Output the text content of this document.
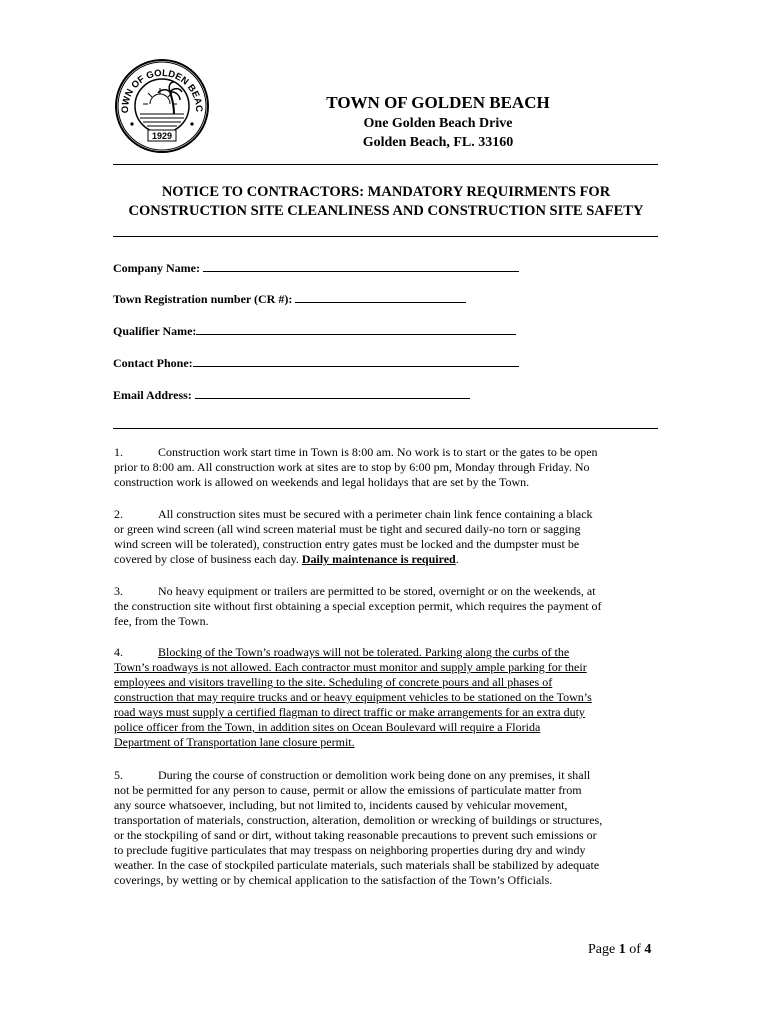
OWN OF GOLDEN BEAC
1929
TOWN OF GOLDEN BEACH
One Golden Beach Drive
Golden Beach, FL. 33160
NOTICE TO CONTRACTORS: MANDATORY REQUIRMENTS FOR
CONSTRUCTION SITE CLEANLINESS AND CONSTRUCTION SITE SAFETY
Company Name:
Town Registration number (CR #):
Qualifier Name:
Contact Phone:
Email Address:
1.	Construction work start time in Town is 8:00 am. No work is to start or the gates to be open
prior to 8:00 am. All construction work at sites are to stop by 6:00 pm, Monday through Friday. No
construction work is allowed on weekends and legal holidays that are set by the Town.
2.	All construction sites must be secured with a perimeter chain link fence containing a black
or green wind screen (all wind screen material must be tight and secured daily-no torn or sagging
wind screen will be tolerated), construction entry gates must be locked and the dumpster must be
covered by close of business each day. Daily maintenance is required.
3.	No heavy equipment or trailers are permitted to be stored, overnight or on the weekends, at
the construction site without first obtaining a special exception permit, which requires the payment of
fee, from the Town.
4.	Blocking of the Town’s roadways will not be tolerated. Parking along the curbs of the
Town’s roadways is not allowed. Each contractor must monitor and supply ample parking for their
employees and visitors travelling to the site. Scheduling of concrete pours and all phases of
construction that may require trucks and or heavy equipment vehicles to be stationed on the Town’s
road ways must supply a certified flagman to direct traffic or make arrangements for an extra duty
police officer from the Town, in addition sites on Ocean Boulevard will require a Florida
Department of Transportation lane closure permit.
5.	During the course of construction or demolition work being done on any premises, it shall
not be permitted for any person to cause, permit or allow the emissions of particulate matter from
any source whatsoever, including, but not limited to, incidents caused by vehicular movement,
transportation of materials, construction, alteration, demolition or wrecking of buildings or structures,
or the stockpiling of sand or dirt, without taking reasonable precautions to prevent such emissions or
to preclude fugitive particulates that may trespass on neighboring properties during dry and windy
weather. In the case of stockpiled particulate materials, such materials shall be stabilized by adequate
coverings, by wetting or by chemical application to the satisfaction of the Town’s Officials.
Page 1 of 4
